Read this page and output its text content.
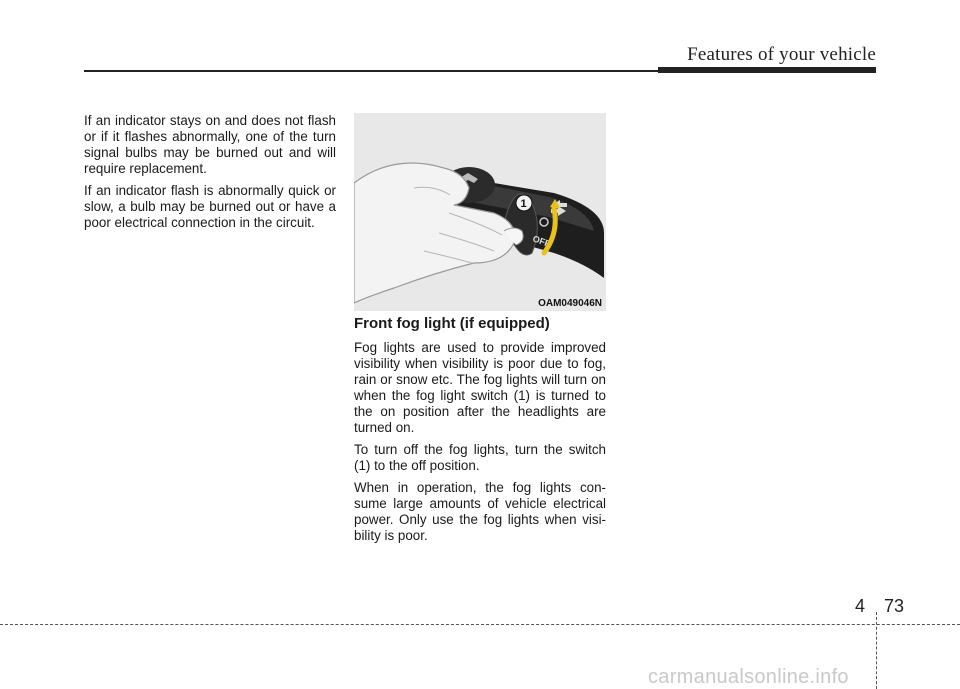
Features of your vehicle

If an indicator stays on and does not flash or if it flashes abnormally, one of the turn signal bulbs may be burned out and will require replacement.

If an indicator flash is abnormally quick or slow, a bulb may be burned out or have a poor electrical connection in the circuit.

OFF
1
OAM049046N
Front fog light (if equipped)

Fog lights are used to provide improved visibility when visibility is poor due to fog, rain or snow etc. The fog lights will turn on when the fog light switch (1) is turned to the on position after the headlights are turned on.

To turn off the fog lights, turn the switch (1) to the off position.

When in operation, the fog lights con-sume large amounts of vehicle electrical power. Only use the fog lights when visi-bility is poor.

4 73
carmanualsonline.info
